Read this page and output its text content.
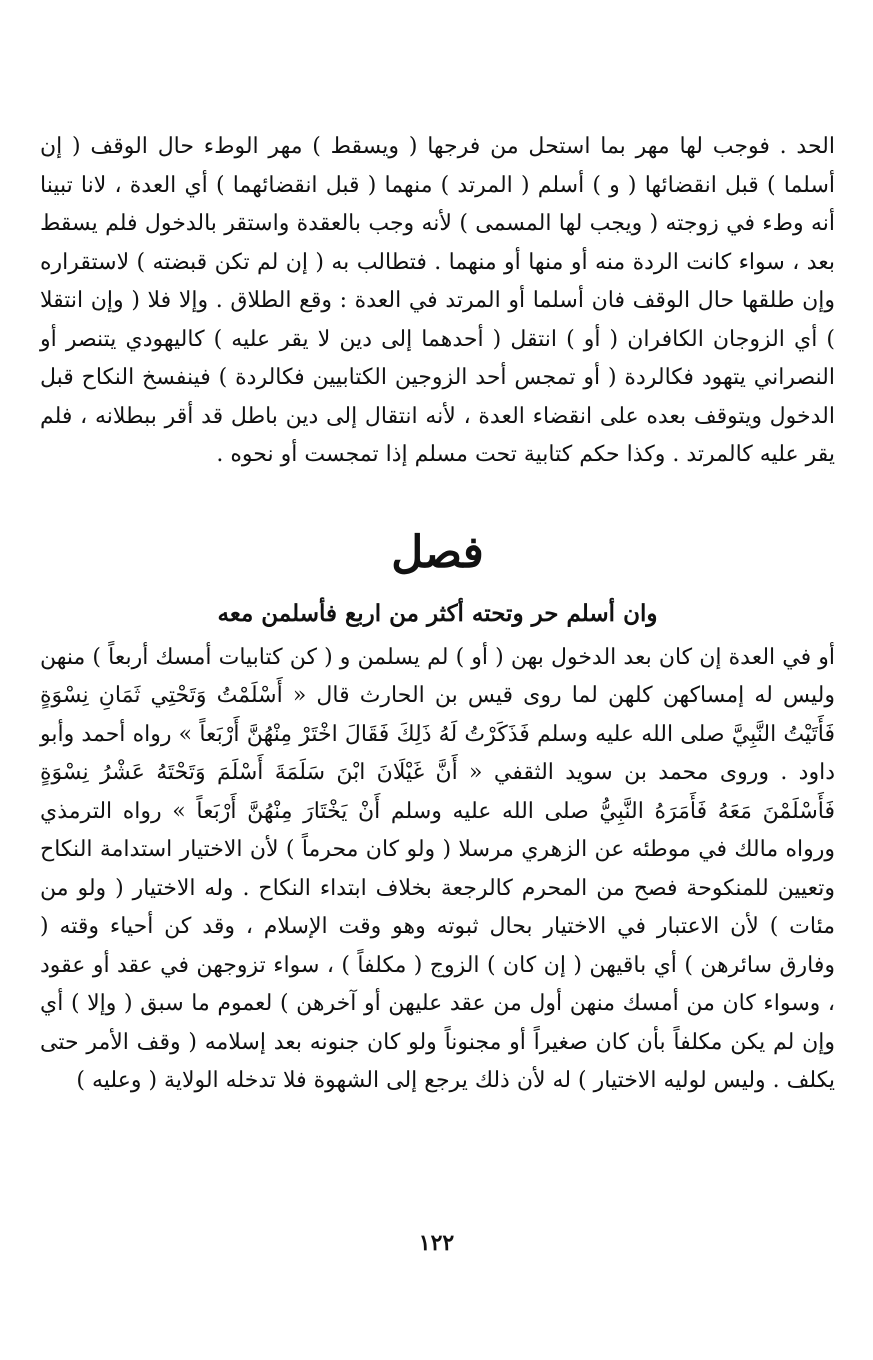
الحد . فوجب لها مهر بما استحل من فرجها ( ويسقط ) مهر الوطء حال الوقف ( إن أسلما ) قبل انقضائها ( و ) أسلم ( المرتد ) منهما ( قبل انقضائهما ) أي العدة ، لانا تبينا أنه وطء في زوجته ( ويجب لها المسمى ) لأنه وجب بالعقدة واستقر بالدخول فلم يسقط بعد ، سواء كانت الردة منه أو منها أو منهما . فتطالب به ( إن لم تكن قبضته ) لاستقراره وإن طلقها حال الوقف فان أسلما أو المرتد في العدة : وقع الطلاق . وإلا فلا ( وإن انتقلا ) أي الزوجان الكافران ( أو ) انتقل ( أحدهما إلى دين لا يقر عليه ) كاليهودي يتنصر أو النصراني يتهود فكالردة ( أو تمجس أحد الزوجين الكتابيين فكالردة ) فينفسخ النكاح قبل الدخول ويتوقف بعده على انقضاء العدة ، لأنه انتقال إلى دين باطل قد أقر ببطلانه ، فلم يقر عليه كالمرتد . وكذا حكم كتابية تحت مسلم إذا تمجست أو نحوه .

فصل
وان أسلم حر وتحته أكثر من اربع فأسلمن معه

أو في العدة إن كان بعد الدخول بهن ( أو ) لم يسلمن و ( كن كتابيات أمسك أربعاً ) منهن وليس له إمساكهن كلهن لما روى قيس بن الحارث قال « أَسْلَمْتُ وَتَحْتِي ثَمَانِ نِسْوَةٍ فَأَتَيْتُ النَّبِيَّ صلى الله عليه وسلم فَذَكَرْتُ لَهُ ذَلِكَ فَقَالَ اخْتَرْ مِنْهُنَّ أَرْبَعاً » رواه أحمد وأبو داود . وروى محمد بن سويد الثقفي « أَنَّ غَيْلَانَ ابْنَ سَلَمَةَ أَسْلَمَ وَتَحْتَهُ عَشْرُ نِسْوَةٍ فَأَسْلَمْنَ مَعَهُ فَأَمَرَهُ النَّبِيُّ صلى الله عليه وسلم أَنْ يَخْتَارَ مِنْهُنَّ أَرْبَعاً » رواه الترمذي ورواه مالك في موطئه عن الزهري مرسلا ( ولو كان محرماً ) لأن الاختيار استدامة النكاح وتعيين للمنكوحة فصح من المحرم كالرجعة بخلاف ابتداء النكاح . وله الاختيار ( ولو من مئات ) لأن الاعتبار في الاختيار بحال ثبوته وهو وقت الإسلام ، وقد كن أحياء وقته ( وفارق سائرهن ) أي باقيهن ( إن كان ) الزوج ( مكلفاً ) ، سواء تزوجهن في عقد أو عقود ، وسواء كان من أمسك منهن أول من عقد عليهن أو آخرهن ) لعموم ما سبق ( وإلا ) أي وإن لم يكن مكلفاً بأن كان صغيراً أو مجنوناً ولو كان جنونه بعد إسلامه ( وقف الأمر حتى يكلف . وليس لوليه الاختيار ) له لأن ذلك يرجع إلى الشهوة فلا تدخله الولاية ( وعليه )

١٢٢
